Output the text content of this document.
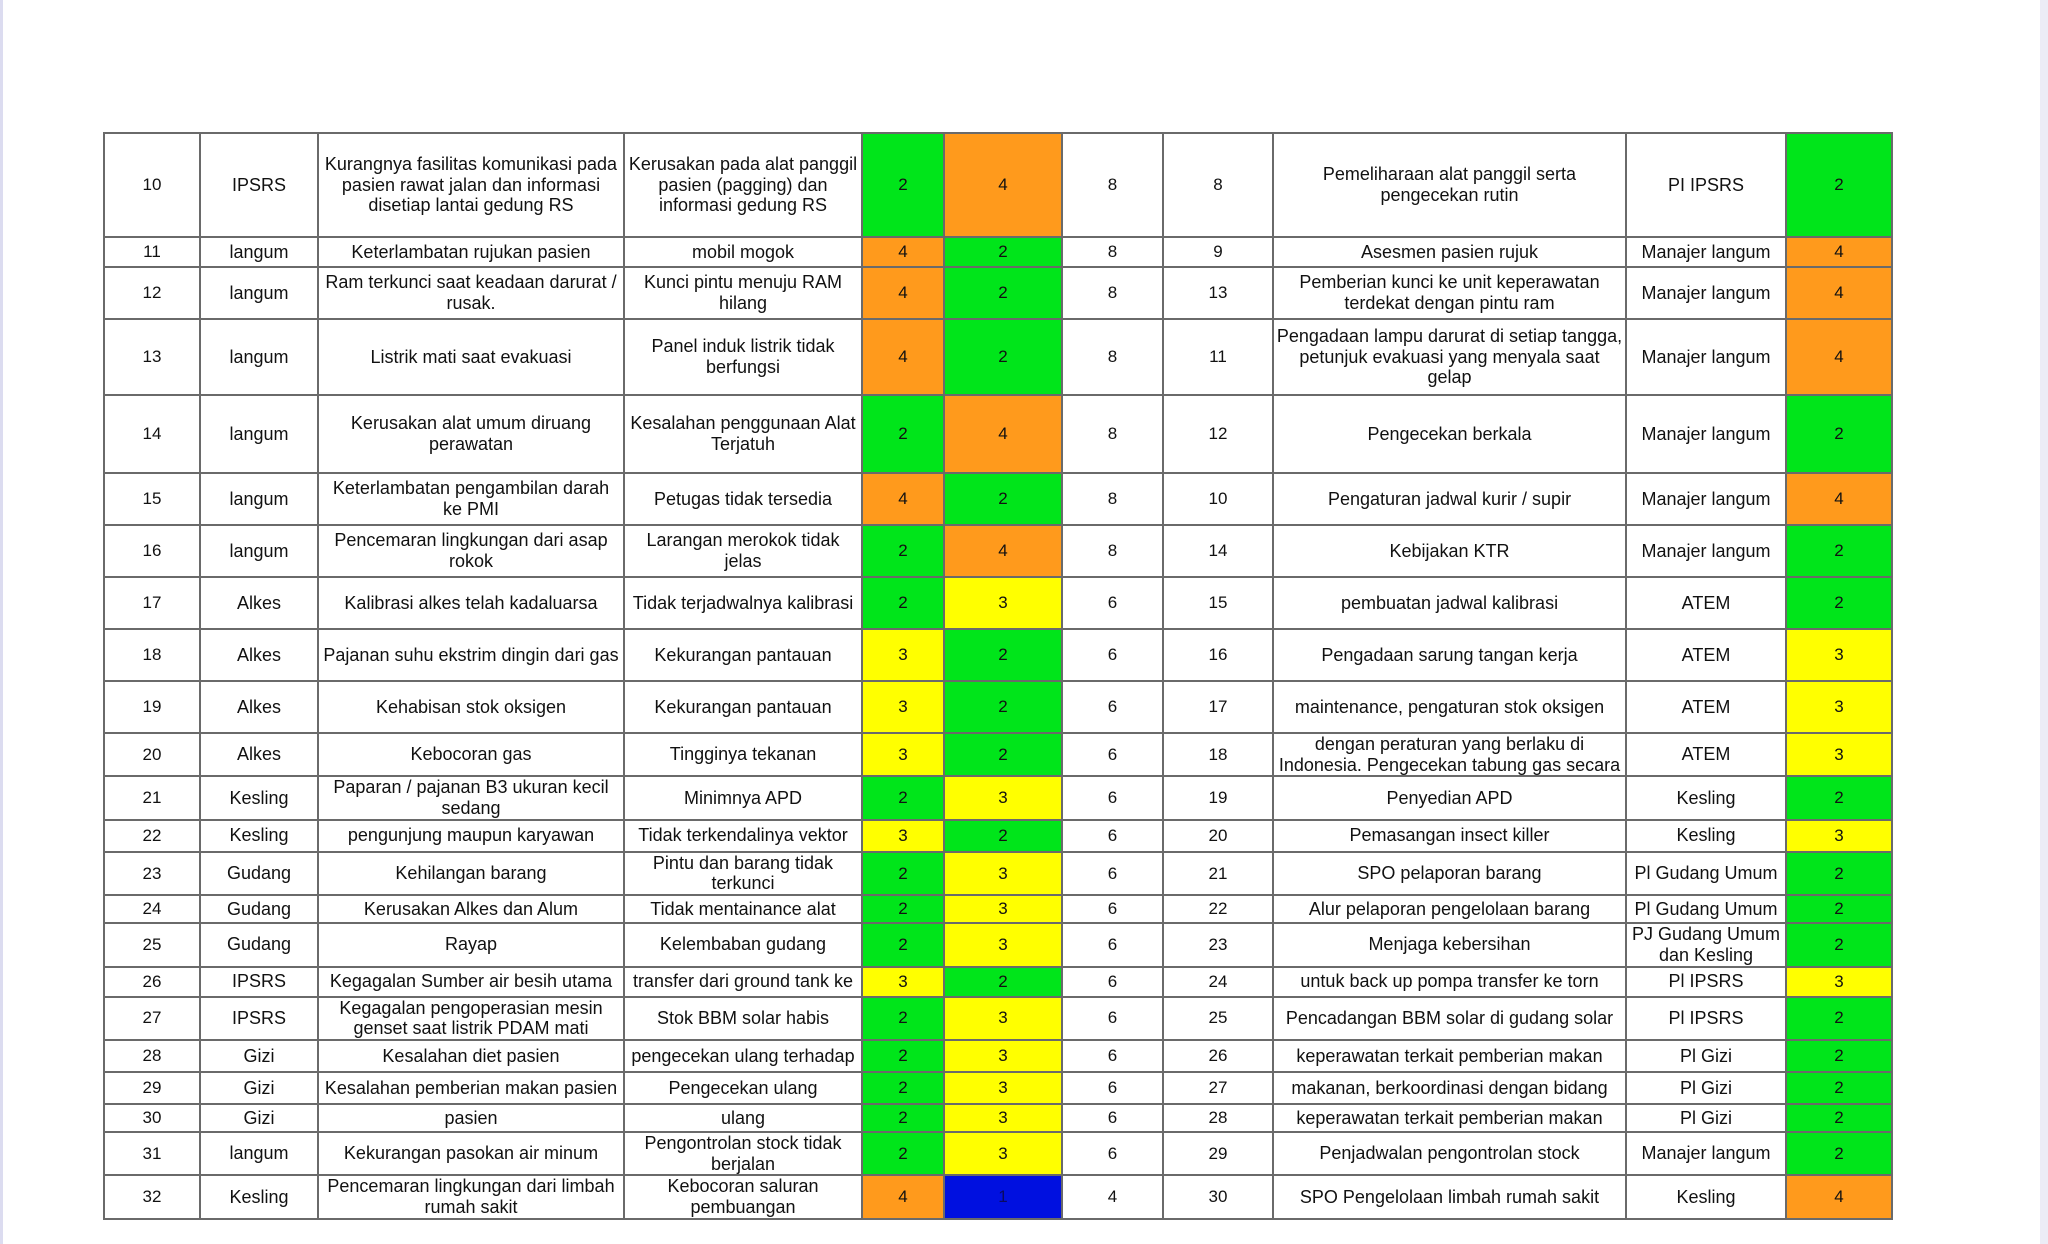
10	IPSRS	Kurangnya fasilitas komunikasi pada pasien rawat jalan dan informasi disetiap lantai gedung RS	Kerusakan pada alat panggil pasien (pagging) dan informasi gedung RS	2	4	8	8	Pemeliharaan alat panggil serta pengecekan rutin	PI IPSRS	2
11	langum	Keterlambatan rujukan pasien	mobil mogok	4	2	8	9	Asesmen pasien rujuk	Manajer langum	4
12	langum	Ram terkunci saat keadaan darurat / rusak.	Kunci pintu menuju RAM hilang	4	2	8	13	Pemberian kunci ke unit keperawatan terdekat dengan pintu ram	Manajer langum	4
13	langum	Listrik mati saat evakuasi	Panel induk listrik tidak berfungsi	4	2	8	11	Pengadaan lampu darurat di setiap tangga, petunjuk evakuasi yang menyala saat gelap	Manajer langum	4
14	langum	Kerusakan alat umum diruang perawatan	Kesalahan penggunaan Alat Terjatuh	2	4	8	12	Pengecekan berkala	Manajer langum	2
15	langum	Keterlambatan pengambilan darah ke PMI	Petugas tidak tersedia	4	2	8	10	Pengaturan jadwal kurir / supir	Manajer langum	4
16	langum	Pencemaran lingkungan dari asap rokok	Larangan merokok tidak jelas	2	4	8	14	Kebijakan KTR	Manajer langum	2
17	Alkes	Kalibrasi alkes telah kadaluarsa	Tidak terjadwalnya kalibrasi	2	3	6	15	pembuatan jadwal kalibrasi	ATEM	2
18	Alkes	Pajanan suhu ekstrim dingin dari gas	Kekurangan pantauan	3	2	6	16	Pengadaan sarung tangan kerja	ATEM	3
19	Alkes	Kehabisan stok oksigen	Kekurangan pantauan	3	2	6	17	maintenance, pengaturan stok oksigen	ATEM	3
20	Alkes	Kebocoran gas	Tingginya tekanan	3	2	6	18	dengan peraturan yang berlaku di Indonesia. Pengecekan tabung gas secara	ATEM	3
21	Kesling	Paparan / pajanan B3 ukuran kecil sedang	Minimnya APD	2	3	6	19	Penyedian APD	Kesling	2
22	Kesling	pengunjung maupun karyawan	Tidak terkendalinya vektor	3	2	6	20	Pemasangan insect killer	Kesling	3
23	Gudang	Kehilangan barang	Pintu dan barang tidak terkunci	2	3	6	21	SPO pelaporan barang	Pl Gudang Umum	2
24	Gudang	Kerusakan Alkes dan Alum	Tidak mentainance alat	2	3	6	22	Alur pelaporan pengelolaan barang	Pl Gudang Umum	2
25	Gudang	Rayap	Kelembaban gudang	2	3	6	23	Menjaga kebersihan	PJ Gudang Umum dan Kesling	2
26	IPSRS	Kegagalan Sumber air besih utama	transfer dari ground tank ke	3	2	6	24	untuk back up pompa transfer ke torn	Pl IPSRS	3
27	IPSRS	Kegagalan pengoperasian mesin genset saat listrik PDAM mati	Stok BBM solar habis	2	3	6	25	Pencadangan BBM solar di gudang solar	Pl IPSRS	2
28	Gizi	Kesalahan diet pasien	pengecekan ulang terhadap	2	3	6	26	keperawatan terkait pemberian makan	Pl Gizi	2
29	Gizi	Kesalahan pemberian makan pasien	Pengecekan ulang	2	3	6	27	makanan, berkoordinasi dengan bidang	Pl Gizi	2
30	Gizi	pasien	ulang	2	3	6	28	keperawatan terkait pemberian makan	Pl Gizi	2
31	langum	Kekurangan pasokan air minum	Pengontrolan stock tidak berjalan	2	3	6	29	Penjadwalan pengontrolan stock	Manajer langum	2
32	Kesling	Pencemaran lingkungan dari limbah rumah sakit	Kebocoran saluran pembuangan	4	1	4	30	SPO Pengelolaan limbah rumah sakit	Kesling	4
